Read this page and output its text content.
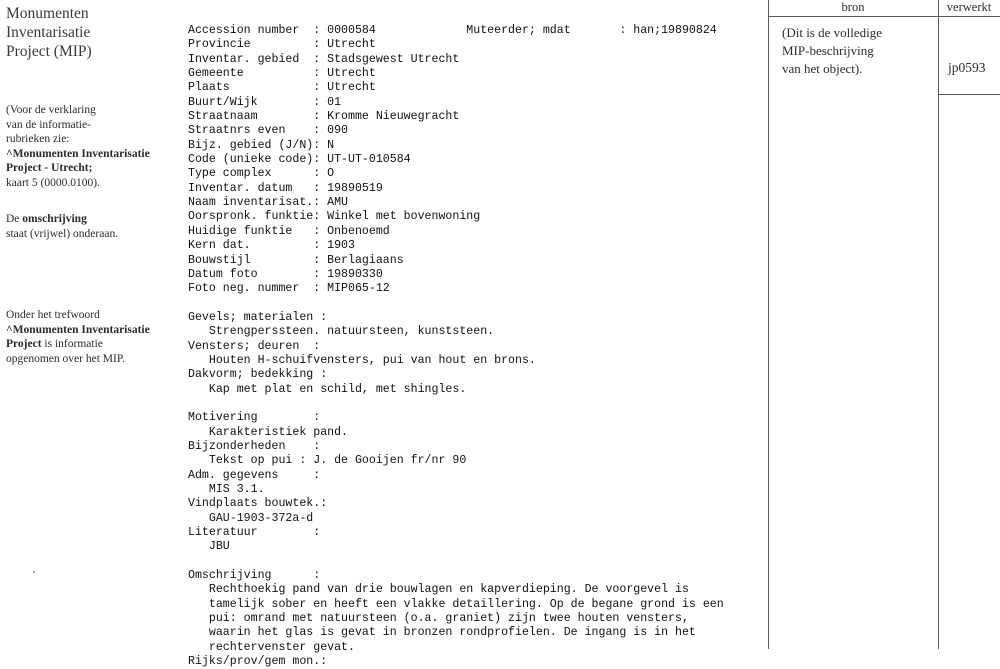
Monumenten
Inventarisatie
Project (MIP)
(Voor de verklaring
van de informatie-
rubrieken zie:
^Monumenten Inventarisatie
Project - Utrecht;
kaart 5 (0000.0100).
De omschrijving
staat (vrijwel) onderaan.
Onder het trefwoord
^Monumenten Inventarisatie
Project is informatie
opgenomen over het MIP.
Accession number  : 0000584             Muteerder; mdat       : han;19890824
Provincie         : Utrecht
Inventar. gebied  : Stadsgewest Utrecht
Gemeente          : Utrecht
Plaats            : Utrecht
Buurt/Wijk        : 01
Straatnaam        : Kromme Nieuwegracht
Straatnrs even    : 090
Bijz. gebied (J/N): N
Code (unieke code): UT-UT-010584
Type complex      : O
Inventar. datum   : 19890519
Naam inventarisat.: AMU
Oorspronk. funktie: Winkel met bovenwoning
Huidige funktie   : Onbenoemd
Kern dat.         : 1903
Bouwstijl         : Berlagiaans
Datum foto        : 19890330
Foto neg. nummer  : MIP065-12

Gevels; materialen :
Strengperssteen. natuursteen, kunststeen.
Vensters; deuren  :
Houten H-schuifvensters, pui van hout en brons.
Dakvorm; bedekking :
Kap met plat en schild, met shingles.

Motivering        :
Karakteristiek pand.
Bijzonderheden    :
Tekst op pui : J. de Gooijen fr/nr 90
Adm. gegevens     :
MIS 3.1.
Vindplaats bouwtek.:
GAU-1903-372a-d
Literatuur        :
JBU

Omschrijving      :
Rechthoekig pand van drie bouwlagen en kapverdieping. De voorgevel is
tamelijk sober en heeft een vlakke detaillering. Op de begane grond is een
pui: omrand met natuursteen (o.a. graniet) zijn twee houten vensters,
waarin het glas is gevat in bronzen rondprofielen. De ingang is in het
rechtervenster gevat.
Rijks/prov/gem mon.:
bron	verwerkt
(Dit is de volledige
MIP-beschrijving
van het object).	jp0593
